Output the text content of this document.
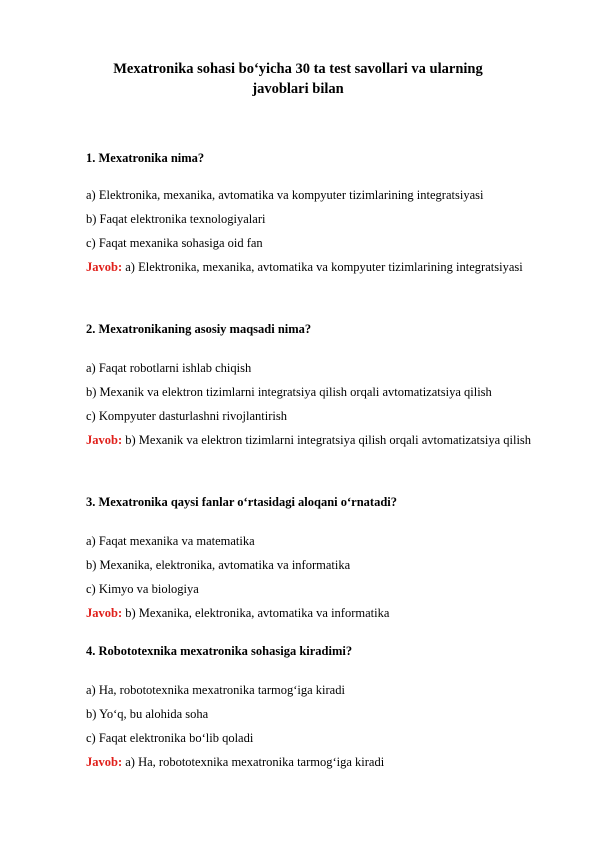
Mexatronika sohasi bo‘yicha 30 ta test savollari va ularning javoblari bilan
1. Mexatronika nima?
a) Elektronika, mexanika, avtomatika va kompyuter tizimlarining integratsiyasi
b) Faqat elektronika texnologiyalari
c) Faqat mexanika sohasiga oid fan
Javob: a) Elektronika, mexanika, avtomatika va kompyuter tizimlarining integratsiyasi
2. Mexatronikaning asosiy maqsadi nima?
a) Faqat robotlarni ishlab chiqish
b) Mexanik va elektron tizimlarni integratsiya qilish orqali avtomatizatsiya qilish
c) Kompyuter dasturlashni rivojlantirish
Javob: b) Mexanik va elektron tizimlarni integratsiya qilish orqali avtomatizatsiya qilish
3. Mexatronika qaysi fanlar o‘rtasidagi aloqani o‘rnatadi?
a) Faqat mexanika va matematika
b) Mexanika, elektronika, avtomatika va informatika
c) Kimyo va biologiya
Javob: b) Mexanika, elektronika, avtomatika va informatika
4. Robototexnika mexatronika sohasiga kiradimi?
a) Ha, robototexnika mexatronika tarmog‘iga kiradi
b) Yo‘q, bu alohida soha
c) Faqat elektronika bo‘lib qoladi
Javob: a) Ha, robototexnika mexatronika tarmog‘iga kiradi
